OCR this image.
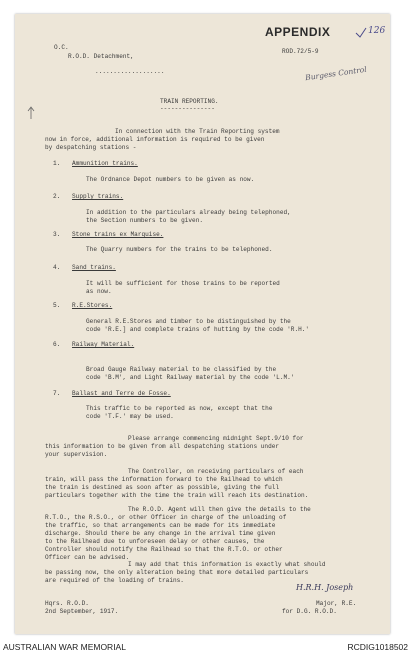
APPENDIX	126
O.C.
R.O.D. Detachment,
ROD.72/5-9
...................	Burgess Control
TRAIN REPORTING.
---------------
In connection with the Train Reporting system
now in force, additional information is required to be given
by despatching stations -
1. Ammunition trains.
The Ordnance Depot numbers to be given as now.
2. Supply trains.
In addition to the particulars already being telephoned,
the Section numbers to be given.
3. Stone trains ex Marquise.
The Quarry numbers for the trains to be telephoned.
4. Sand trains.
It will be sufficient for those trains to be reported
as now.
5. R.E.Stores.
General R.E.Stores and timber to be distinguished by the
code 'R.E.] and complete trains of hutting by the code 'R.H.'
6. Railway Material.
Broad Gauge Railway material to be classified by the
code 'B.M', and Light Railway material by the code 'L.M.'
7. Ballast and Terre de Fosse.
This traffic to be reported as now, except that the
code 'T.F.' may be used.
Please arrange commencing midnight Sept.9/10 for
this information to be given from all despatching stations under
your supervision.
The Controller, on receiving particulars of each
train, will pass the information forward to the Railhead to which
the train is destined as soon after as possible, giving the full
particulars together with the time the train will reach its destination.
The R.O.D. Agent will then give the details to the
R.T.O., the R.S.O., or other Officer in charge of the unloading of
the traffic, so that arrangements can be made for its immediate
discharge. Should there be any change in the arrival time given
to the Railhead due to unforeseen delay or other causes, the
Controller should notify the Railhead so that the R.T.O. or other
Officer can be advised.
I may add that this information is exactly what should
be passing now, the only alteration being that more detailed particulars
are required of the loading of trains.
Hqrs. R.O.D.
2nd September, 1917.
H.R.H. Joseph
Major, R.E.
for D.G. R.O.D.
AUSTRALIAN WAR MEMORIAL	RCDIG1018502
